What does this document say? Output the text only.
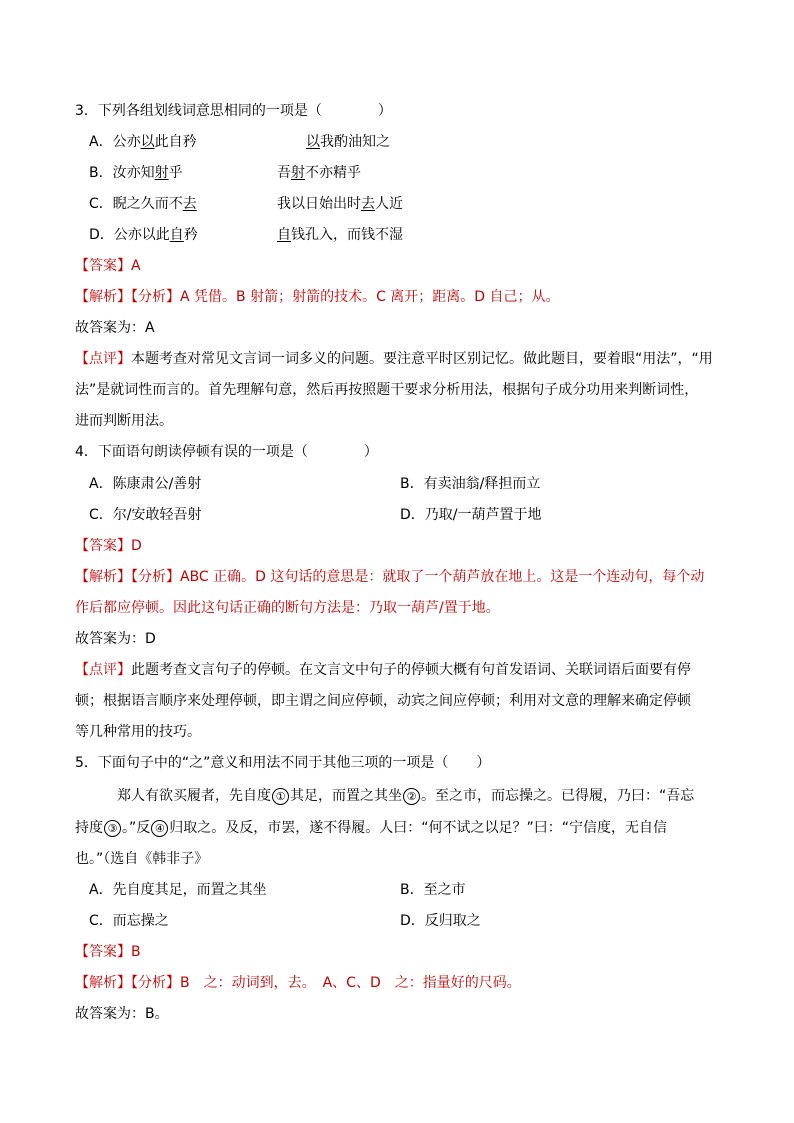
3．下列各组划线词意思相同的一项是（　　　　）
A．公亦以此自矜	以我酌油知之
B．汝亦知射乎	吾射不亦精乎
C．睨之久而不去	我以日始出时去人近
D．公亦以此自矜	自钱孔入，而钱不湿
【答案】A
【解析】【分析】A 凭借。B 射箭；射箭的技术。C 离开；距离。D 自己；从。
故答案为：A
【点评】本题考查对常见文言词一词多义的问题。要注意平时区别记忆。做此题目，要着眼“用法”，“用
法”是就词性而言的。首先理解句意，然后再按照题干要求分析用法，根据句子成分功用来判断词性，
进而判断用法。
4．下面语句朗读停顿有误的一项是（　　　　）
A．陈康肃公/善射	B．有卖油翁/释担而立
C．尔/安敢轻吾射	D．乃取/一葫芦置于地
【答案】D
【解析】【分析】ABC 正确。D 这句话的意思是：就取了一个葫芦放在地上。这是一个连动句，每个动
作后都应停顿。因此这句话正确的断句方法是：乃取一葫芦/置于地。
故答案为：D
【点评】此题考查文言句子的停顿。在文言文中句子的停顿大概有句首发语词、关联词语后面要有停
顿；根据语言顺序来处理停顿，即主谓之间应停顿，动宾之间应停顿；利用对文意的理解来确定停顿
等几种常用的技巧。
5．下面句子中的“之”意义和用法不同于其他三项的一项是（　　）
郑人有欲买履者，先自度 ① 其足，而置之其坐 ② 。至之市，而忘操之。已得履，乃曰：“吾忘
持度 ③ 。”反 ④ 归取之。及反，市罢，遂不得履。人曰：“何不试之以足？”曰：“宁信度，无自信
也。”（选自《韩非子》
A．先自度其足，而置之其坐	B．至之市
C．而忘操之	D．反归取之
【答案】B
【解析】【分析】B　之：动词到，去。　A、C、D　之：指量好的尺码。
故答案为：B。
